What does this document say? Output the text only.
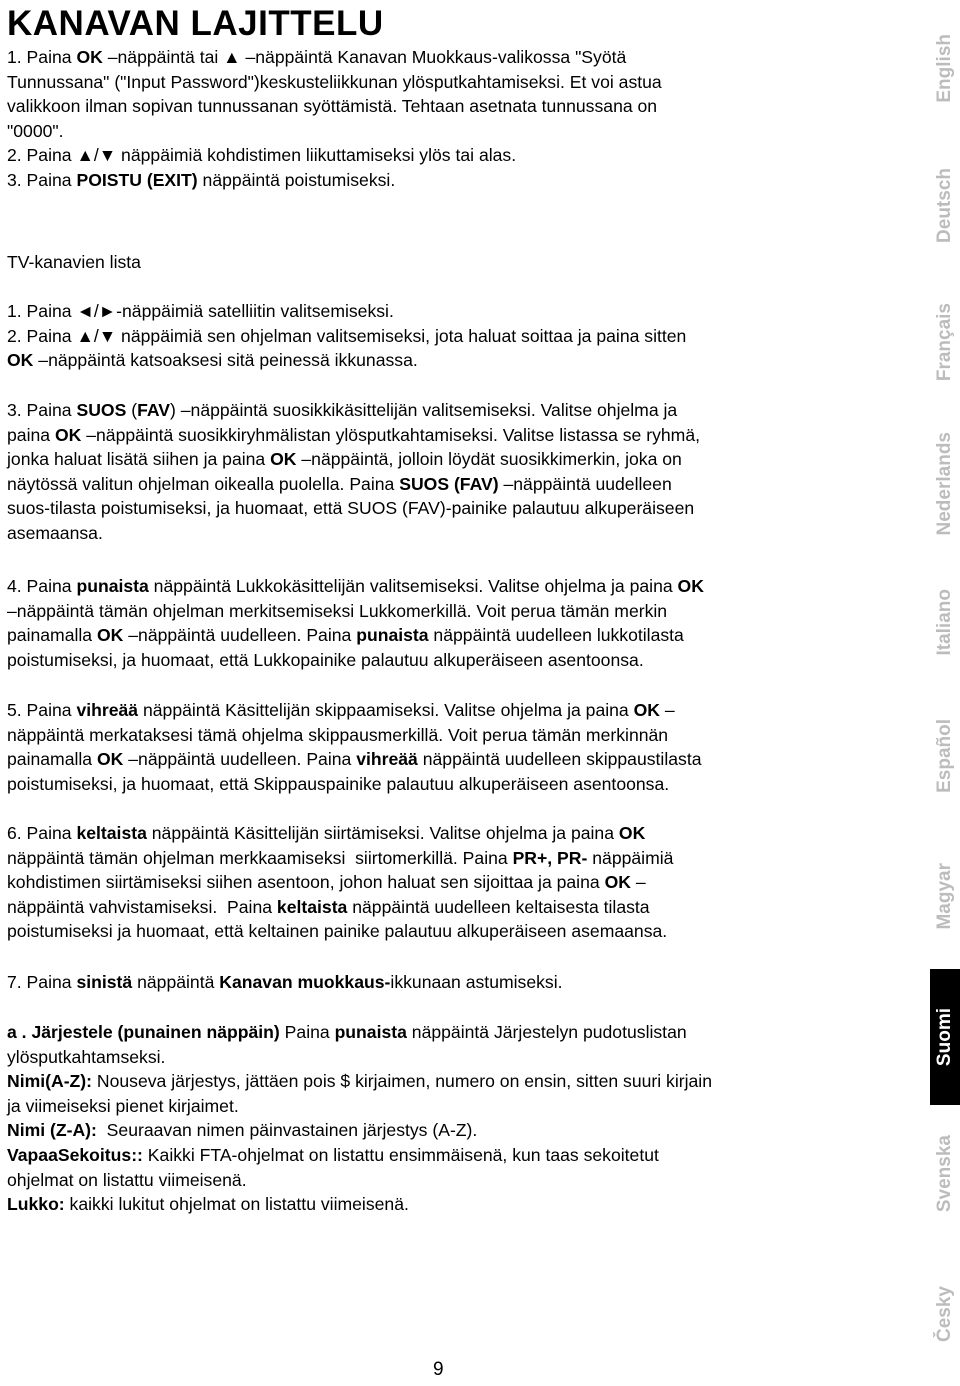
KANAVAN LAJITTELU

1. Paina OK –näppäintä tai ▲ –näppäintä Kanavan Muokkaus-valikossa "Syötä
Tunnussana" ("Input Password")keskusteliikkunan ylösputkahtamiseksi. Et voi astua
valikkoon ilman sopivan tunnussanan syöttämistä. Tehtaan asetnata tunnussana on
"0000".
2. Paina ▲/▼ näppäimiä kohdistimen liikuttamiseksi ylös tai alas.
3. Paina POISTU (EXIT) näppäintä poistumiseksi.

TV-kanavien lista

1. Paina ◄/►-näppäimiä satelliitin valitsemiseksi.
2. Paina ▲/▼ näppäimiä sen ohjelman valitsemiseksi, jota haluat soittaa ja paina sitten
OK –näppäintä katsoaksesi sitä peinessä ikkunassa.

3. Paina SUOS (FAV) –näppäintä suosikkikäsittelijän valitsemiseksi. Valitse ohjelma ja
paina OK –näppäintä suosikkiryhmälistan ylösputkahtamiseksi. Valitse listassa se ryhmä,
jonka haluat lisätä siihen ja paina OK –näppäintä, jolloin löydät suosikkimerkin, joka on
näytössä valitun ohjelman oikealla puolella. Paina SUOS (FAV) –näppäintä uudelleen
suos-tilasta poistumiseksi, ja huomaat, että SUOS (FAV)-painike palautuu alkuperäiseen
asemaansa.

4. Paina punaista näppäintä Lukkokäsittelijän valitsemiseksi. Valitse ohjelma ja paina OK
–näppäintä tämän ohjelman merkitsemiseksi Lukkomerkillä. Voit perua tämän merkin
painamalla OK –näppäintä uudelleen. Paina punaista näppäintä uudelleen lukkotilasta
poistumiseksi, ja huomaat, että Lukkopainike palautuu alkuperäiseen asentoonsa.

5. Paina vihreää näppäintä Käsittelijän skippaamiseksi. Valitse ohjelma ja paina OK –
näppäintä merkataksesi tämä ohjelma skippausmerkillä. Voit perua tämän merkinnän
painamalla OK –näppäintä uudelleen. Paina vihreää näppäintä uudelleen skippaustilasta
poistumiseksi, ja huomaat, että Skippauspainike palautuu alkuperäiseen asentoonsa.

6. Paina keltaista näppäintä Käsittelijän siirtämiseksi. Valitse ohjelma ja paina OK
näppäintä tämän ohjelman merkkaamiseksi  siirtomerkillä. Paina PR+, PR- näppäimiä
kohdistimen siirtämiseksi siihen asentoon, johon haluat sen sijoittaa ja paina OK –
näppäintä vahvistamiseksi.  Paina keltaista näppäintä uudelleen keltaisesta tilasta
poistumiseksi ja huomaat, että keltainen painike palautuu alkuperäiseen asemaansa.

7. Paina sinistä näppäintä Kanavan muokkaus-ikkunaan astumiseksi.

a . Järjestele (punainen näppäin) Paina punaista näppäintä Järjestelyn pudotuslistan
ylösputkahtamseksi.
Nimi(A-Z): Nouseva järjestys, jättäen pois $ kirjaimen, numero on ensin, sitten suuri kirjain
ja viimeiseksi pienet kirjaimet.
Nimi (Z-A):  Seuraavan nimen päinvastainen järjestys (A-Z).
VapaaSekoitus:: Kaikki FTA-ohjelmat on listattu ensimmäisenä, kun taas sekoitetut
ohjelmat on listattu viimeisenä.
Lukko: kaikki lukitut ohjelmat on listattu viimeisenä.

English
Deutsch
Français
Nederlands
Italiano
Español
Magyar
Suomi
Svenska
Česky
9
